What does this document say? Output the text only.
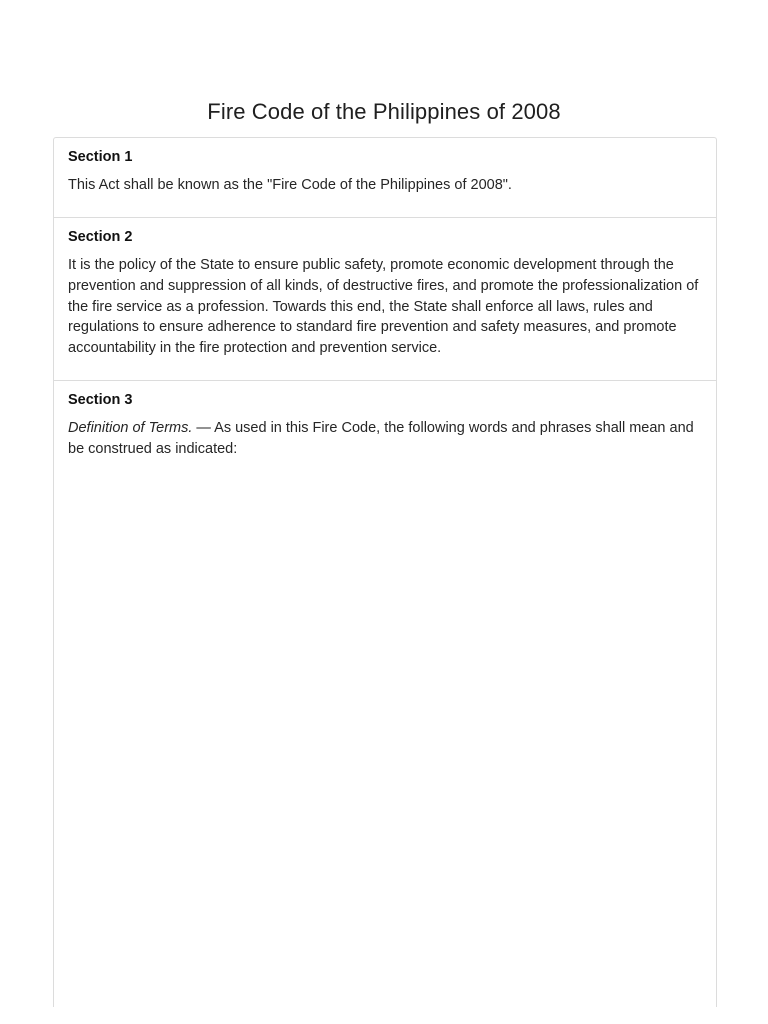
Fire Code of the Philippines of 2008
Section 1

This Act shall be known as the "Fire Code of the Philippines of 2008".

Section 2

It is the policy of the State to ensure public safety, promote economic development through the prevention and suppression of all kinds, of destructive fires, and promote the professionalization of the fire service as a profession. Towards this end, the State shall enforce all laws, rules and regulations to ensure adherence to standard fire prevention and safety measures, and promote accountability in the fire protection and prevention service.

Section 3

Definition of Terms. — As used in this Fire Code, the following words and phrases shall mean and be construed as indicated:
